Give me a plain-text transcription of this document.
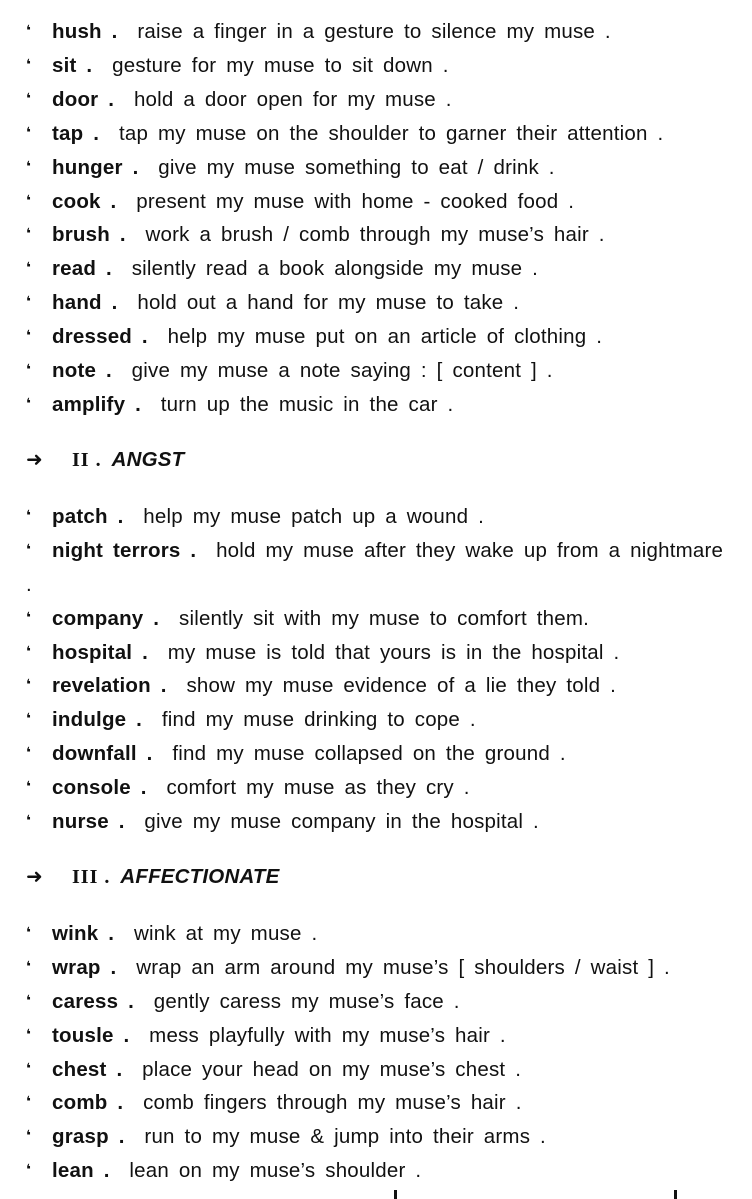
❛	hush . raise a finger in a gesture to silence my muse .
❛	sit . gesture for my muse to sit down .
❛	door . hold a door open for my muse .
❛	tap . tap my muse on the shoulder to garner their attention .
❛	hunger . give my muse something to eat / drink .
❛	cook . present my muse with home - cooked food .
❛	brush . work a brush / comb through my muse’s hair .
❛	read . silently read a book alongside my muse .
❛	hand . hold out a hand for my muse to take .
❛	dressed . help my muse put on an article of clothing .
❛	note . give my muse a note saying : [ content ] .
❛	amplify . turn up the music in the car .
➜ II . ANGST
❛	patch . help my muse patch up a wound .
❛	night terrors . hold my muse after they wake up from a nightmare .
❛	company . silently sit with my muse to comfort them.
❛	hospital . my muse is told that yours is in the hospital .
❛	revelation . show my muse evidence of a lie they told .
❛	indulge . find my muse drinking to cope .
❛	downfall . find my muse collapsed on the ground .
❛	console . comfort my muse as they cry .
❛	nurse . give my muse company in the hospital .
➜ III . AFFECTIONATE
❛	wink . wink at my muse .
❛	wrap . wrap an arm around my muse’s [ shoulders / waist ] .
❛	caress . gently caress my muse’s face .
❛	tousle . mess playfully with my muse’s hair .
❛	chest . place your head on my muse’s chest .
❛	comb . comb fingers through my muse’s hair .
❛	grasp . run to my muse & jump into their arms .
❛	lean . lean on my muse’s shoulder .
